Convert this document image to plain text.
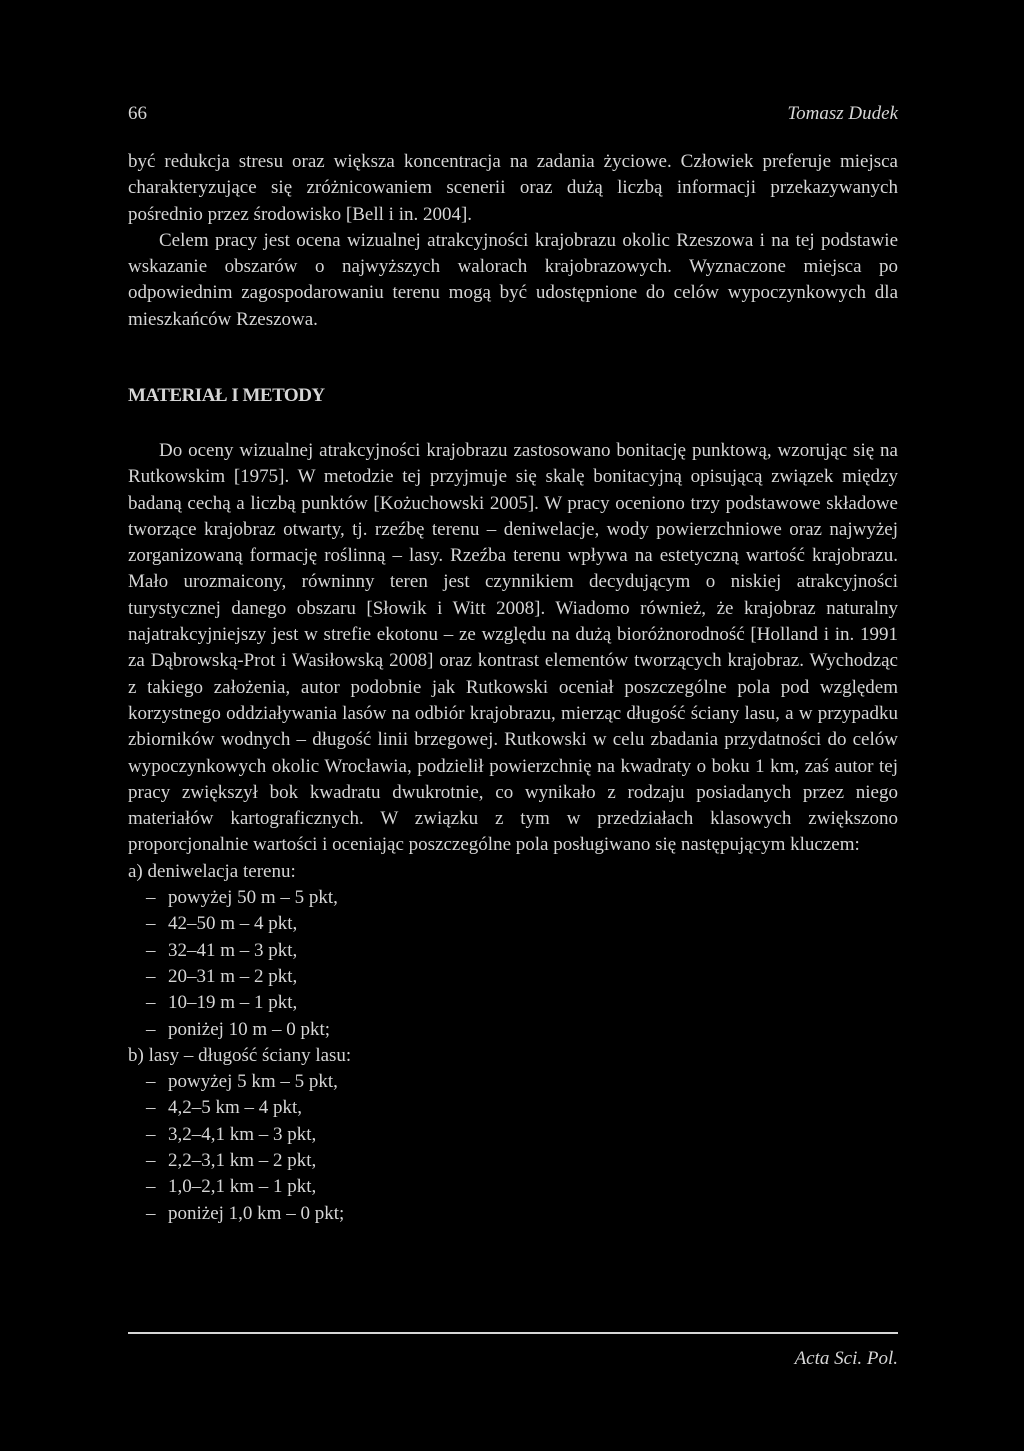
66	Tomasz Dudek

być redukcja stresu oraz większa koncentracja na zadania życiowe. Człowiek preferuje miejsca charakteryzujące się zróżnicowaniem scenerii oraz dużą liczbą informacji przekazywanych pośrednio przez środowisko [Bell i in. 2004].

Celem pracy jest ocena wizualnej atrakcyjności krajobrazu okolic Rzeszowa i na tej podstawie wskazanie obszarów o najwyższych walorach krajobrazowych. Wyznaczone miejsca po odpowiednim zagospodarowaniu terenu mogą być udostępnione do celów wypoczynkowych dla mieszkańców Rzeszowa.

MATERIAŁ I METODY

Do oceny wizualnej atrakcyjności krajobrazu zastosowano bonitację punktową, wzorując się na Rutkowskim [1975]. W metodzie tej przyjmuje się skalę bonitacyjną opisującą związek między badaną cechą a liczbą punktów [Kożuchowski 2005]. W pracy oceniono trzy podstawowe składowe tworzące krajobraz otwarty, tj. rzeźbę terenu – deniwelacje, wody powierzchniowe oraz najwyżej zorganizowaną formację roślinną – lasy. Rzeźba terenu wpływa na estetyczną wartość krajobrazu. Mało urozmaicony, równinny teren jest czynnikiem decydującym o niskiej atrakcyjności turystycznej danego obszaru [Słowik i Witt 2008]. Wiadomo również, że krajobraz naturalny najatrakcyjniejszy jest w strefie ekotonu – ze względu na dużą bioróżnorodność [Holland i in. 1991 za Dąbrowską-Prot i Wasiłowską 2008] oraz kontrast elementów tworzących krajobraz. Wychodząc z takiego założenia, autor podobnie jak Rutkowski oceniał poszczególne pola pod względem korzystnego oddziaływania lasów na odbiór krajobrazu, mierząc długość ściany lasu, a w przypadku zbiorników wodnych – długość linii brzegowej. Rutkowski w celu zbadania przydatności do celów wypoczynkowych okolic Wrocławia, podzielił powierzchnię na kwadraty o boku 1 km, zaś autor tej pracy zwiększył bok kwadratu dwukrotnie, co wynikało z rodzaju posiadanych przez niego materiałów kartograficznych. W związku z tym w przedziałach klasowych zwiększono proporcjonalnie wartości i oceniając poszczególne pola posługiwano się następującym kluczem:

a) deniwelacja terenu:
– powyżej 50 m – 5 pkt,
– 42–50 m – 4 pkt,
– 32–41 m – 3 pkt,
– 20–31 m – 2 pkt,
– 10–19 m – 1 pkt,
– poniżej 10 m – 0 pkt;
b) lasy – długość ściany lasu:
– powyżej 5 km – 5 pkt,
– 4,2–5 km – 4 pkt,
– 3,2–4,1 km – 3 pkt,
– 2,2–3,1 km – 2 pkt,
– 1,0–2,1 km – 1 pkt,
– poniżej 1,0 km – 0 pkt;
Acta Sci. Pol.
